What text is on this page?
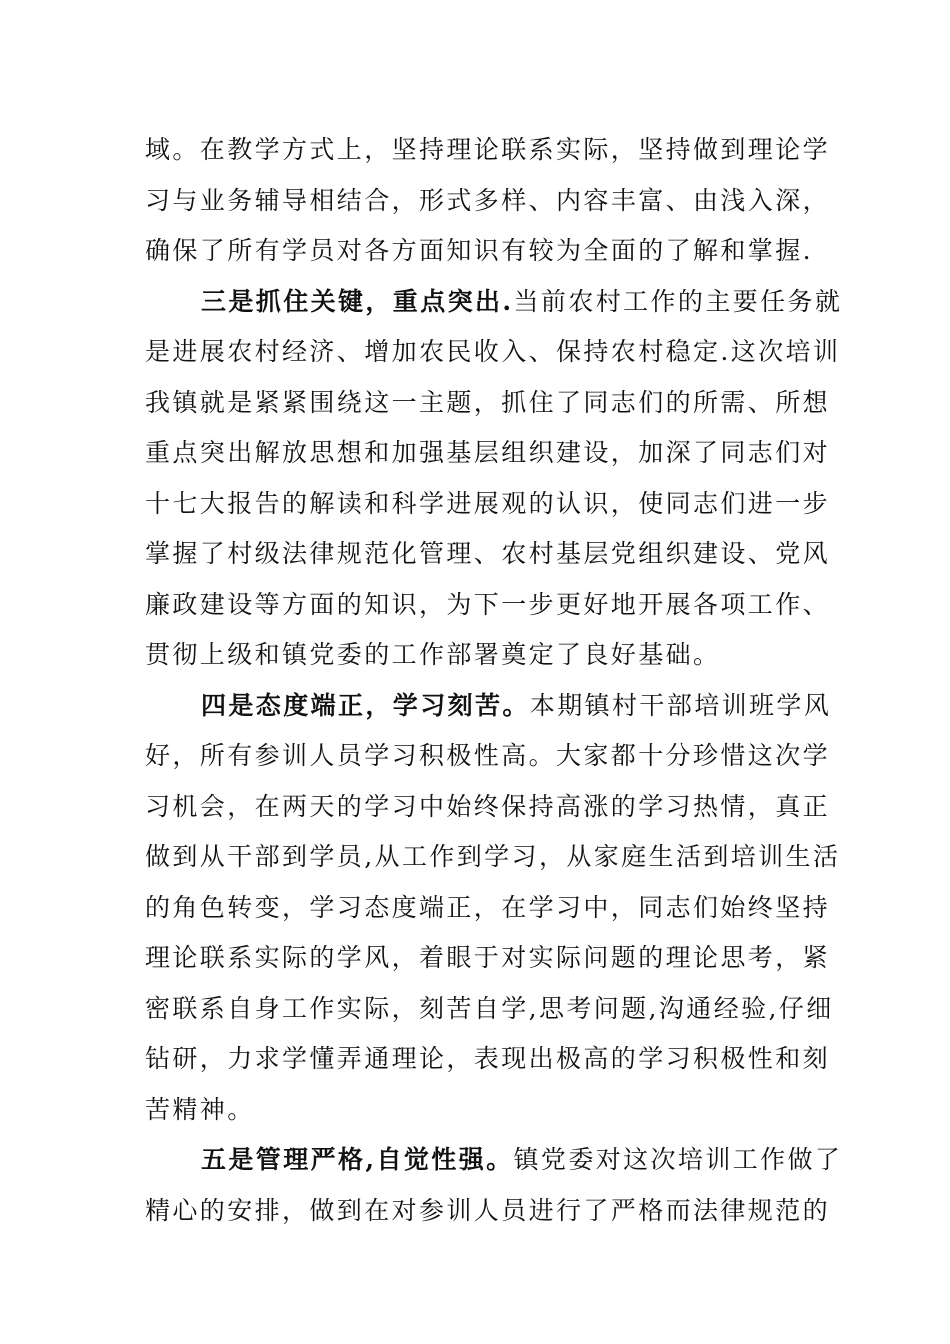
域。在教学方式上，坚持理论联系实际，坚持做到理论学
习与业务辅导相结合，形式多样、内容丰富、由浅入深，
确保了所有学员对各方面知识有较为全面的了解和掌握.
三是抓住关键，重点突出.当前农村工作的主要任务就
是进展农村经济、增加农民收入、保持农村稳定.这次培训
我镇就是紧紧围绕这一主题，抓住了同志们的所需、所想
重点突出解放思想和加强基层组织建设，加深了同志们对
十七大报告的解读和科学进展观的认识，使同志们进一步
掌握了村级法律规范化管理、农村基层党组织建设、党风
廉政建设等方面的知识，为下一步更好地开展各项工作、
贯彻上级和镇党委的工作部署奠定了良好基础。
四是态度端正，学习刻苦。本期镇村干部培训班学风
好，所有参训人员学习积极性高。大家都十分珍惜这次学
习机会，在两天的学习中始终保持高涨的学习热情，真正
做到从干部到学员,从工作到学习，从家庭生活到培训生活
的角色转变，学习态度端正，在学习中，同志们始终坚持
理论联系实际的学风，着眼于对实际问题的理论思考，紧
密联系自身工作实际，刻苦自学,思考问题,沟通经验,仔细
钻研，力求学懂弄通理论，表现出极高的学习积极性和刻
苦精神。
五是管理严格,自觉性强。镇党委对这次培训工作做了
精心的安排，做到在对参训人员进行了严格而法律规范的
